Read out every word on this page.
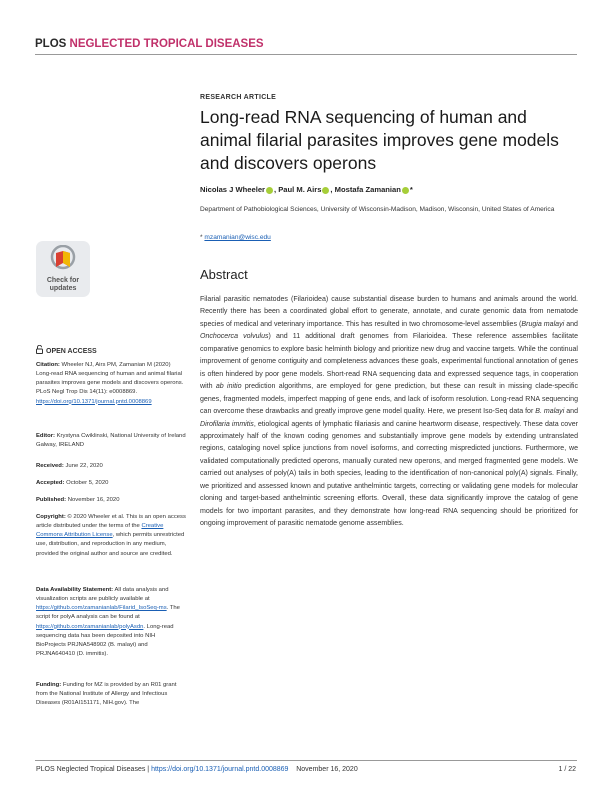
PLOS NEGLECTED TROPICAL DISEASES
Check for
updates
OPEN ACCESS
Citation: Wheeler NJ, Airs PM, Zamanian M (2020) Long-read RNA sequencing of human and animal filarial parasites improves gene models and discovers operons. PLoS Negl Trop Dis 14(11): e0008869. https://doi.org/10.1371/journal.pntd.0008869
Editor: Krystyna Cwiklinski, National University of Ireland Galway, IRELAND
Received: June 22, 2020
Accepted: October 5, 2020
Published: November 16, 2020
Copyright: © 2020 Wheeler et al. This is an open access article distributed under the terms of the Creative Commons Attribution License, which permits unrestricted use, distribution, and reproduction in any medium, provided the original author and source are credited.
Data Availability Statement: All data analysis and visualization scripts are publicly available at https://github.com/zamanianlab/Filarid_IsoSeq-ms. The script for polyA analysis can be found at https://github.com/zamanianlab/polyAsdn. Long-read sequencing data has been deposited into NIH BioProjects PRJNA548902 (B. malayi) and PRJNA640410 (D. immitis).
Funding: Funding for MZ is provided by an R01 grant from the National Institute of Allergy and Infectious Diseases (R01AI151171, NIH.gov). The
RESEARCH ARTICLE
Long-read RNA sequencing of human and animal filarial parasites improves gene models and discovers operons
Nicolas J Wheeler , Paul M. Airs , Mostafa Zamanian *
Department of Pathobiological Sciences, University of Wisconsin-Madison, Madison, Wisconsin, United States of America
* mzamanian@wisc.edu
Abstract

Filarial parasitic nematodes (Filarioidea) cause substantial disease burden to humans and animals around the world. Recently there has been a coordinated global effort to generate, annotate, and curate genomic data from nematode species of medical and veterinary importance. This has resulted in two chromosome-level assemblies (Brugia malayi and Onchocerca volvulus) and 11 additional draft genomes from Filarioidea. These reference assemblies facilitate comparative genomics to explore basic helminth biology and prioritize new drug and vaccine targets. While the continual improvement of genome contiguity and completeness advances these goals, experimental functional annotation of genes is often hindered by poor gene models. Short-read RNA sequencing data and expressed sequence tags, in cooperation with ab initio prediction algorithms, are employed for gene prediction, but these can result in missing clade-specific genes, fragmented models, imperfect mapping of gene ends, and lack of isoform resolution. Long-read RNA sequencing can overcome these drawbacks and greatly improve gene model quality. Here, we present Iso-Seq data for B. malayi and Dirofilaria immitis, etiological agents of lymphatic filariasis and canine heartworm disease, respectively. These data cover approximately half of the known coding genomes and substantially improve gene models by extending untranslated regions, cataloging novel splice junctions from novel isoforms, and correcting mispredicted junctions. Furthermore, we validated computationally predicted operons, manually curated new operons, and merged fragmented gene models. We carried out analyses of poly(A) tails in both species, leading to the identification of non-canonical poly(A) signals. Finally, we prioritized and assessed known and putative anthelmintic targets, correcting or validating gene models for molecular cloning and target-based anthelmintic screening efforts. Overall, these data significantly improve the catalog of gene models for two important parasites, and they demonstrate how long-read RNA sequencing should be prioritized for ongoing improvement of parasitic nematode genome assemblies.

PLOS Neglected Tropical Diseases | https://doi.org/10.1371/journal.pntd.0008869 November 16, 2020	1 / 22
